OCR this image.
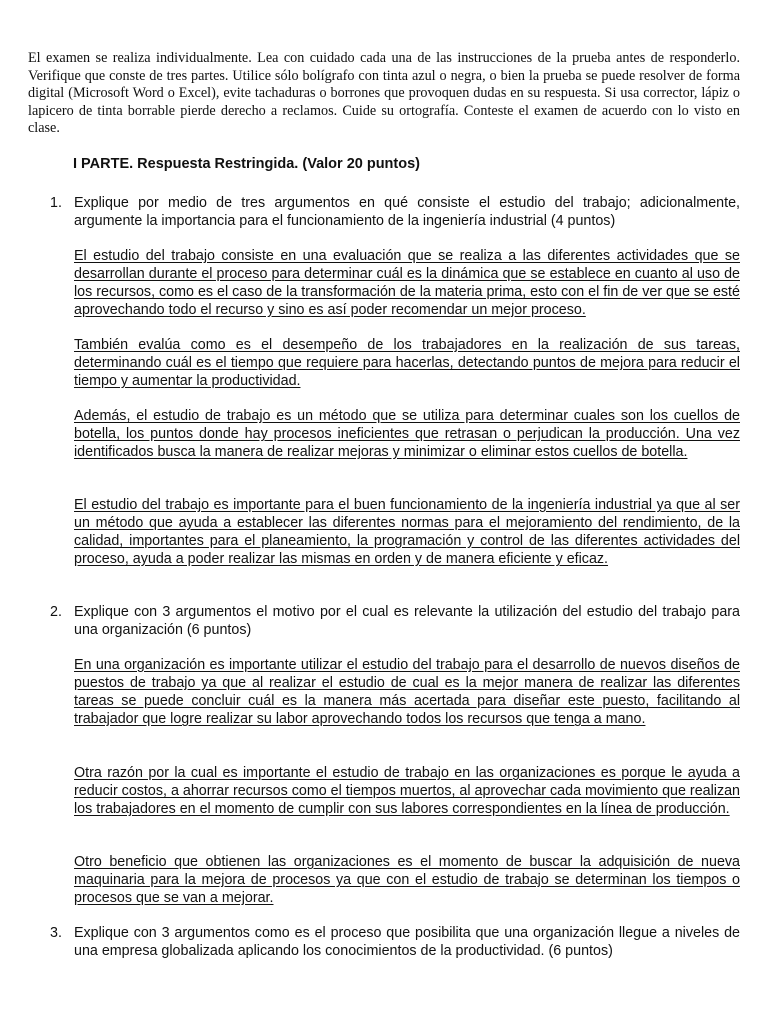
El examen se realiza individualmente. Lea con cuidado cada una de las instrucciones de la prueba antes de responderlo. Verifique que conste de tres partes. Utilice sólo bolígrafo con tinta azul o negra, o bien la prueba se puede resolver de forma digital (Microsoft Word o Excel), evite tachaduras o borrones que provoquen dudas en su respuesta. Si usa corrector, lápiz o lapicero de tinta borrable pierde derecho a reclamos. Cuide su ortografía. Conteste el examen de acuerdo con lo visto en clase.

I PARTE. Respuesta Restringida. (Valor 20 puntos)
1. Explique por medio de tres argumentos en qué consiste el estudio del trabajo; adicionalmente, argumente la importancia para el funcionamiento de la ingeniería industrial (4 puntos)
El estudio del trabajo consiste en una evaluación que se realiza a las diferentes actividades que se desarrollan durante el proceso para determinar cuál es la dinámica que se establece en cuanto al uso de los recursos, como es el caso de la transformación de la materia prima, esto con el fin de ver que se esté aprovechando todo el recurso y sino es así poder recomendar un mejor proceso.
También evalúa como es el desempeño de los trabajadores en la realización de sus tareas, determinando cuál es el tiempo que requiere para hacerlas, detectando puntos de mejora para reducir el tiempo y aumentar la productividad.
Además, el estudio de trabajo es un método que se utiliza para determinar cuales son los cuellos de botella, los puntos donde hay procesos ineficientes que retrasan o perjudican la producción. Una vez identificados busca la manera de realizar mejoras y minimizar o eliminar estos cuellos de botella.
El estudio del trabajo es importante para el buen funcionamiento de la ingeniería industrial ya que al ser un método que ayuda a establecer las diferentes normas para el mejoramiento del rendimiento, de la calidad, importantes para el planeamiento, la programación y control de las diferentes actividades del proceso, ayuda a poder realizar las mismas en orden y de manera eficiente y eficaz.
2. Explique con 3 argumentos el motivo por el cual es relevante la utilización del estudio del trabajo para una organización (6 puntos)
En una organización es importante utilizar el estudio del trabajo para el desarrollo de nuevos diseños de puestos de trabajo ya que al realizar el estudio de cual es la mejor manera de realizar las diferentes tareas se puede concluir cuál es la manera más acertada para diseñar este puesto, facilitando al trabajador que logre realizar su labor aprovechando todos los recursos que tenga a mano.
Otra razón por la cual es importante el estudio de trabajo en las organizaciones es porque le ayuda a reducir costos, a ahorrar recursos como el tiempos muertos, al aprovechar cada movimiento que realizan los trabajadores en el momento de cumplir con sus labores correspondientes en la línea de producción.
Otro beneficio que obtienen las organizaciones es el momento de buscar la adquisición de nueva maquinaria para la mejora de procesos ya que con el estudio de trabajo se determinan los tiempos o procesos que se van a mejorar.
3. Explique con 3 argumentos como es el proceso que posibilita que una organización llegue a niveles de una empresa globalizada aplicando los conocimientos de la productividad. (6 puntos)
